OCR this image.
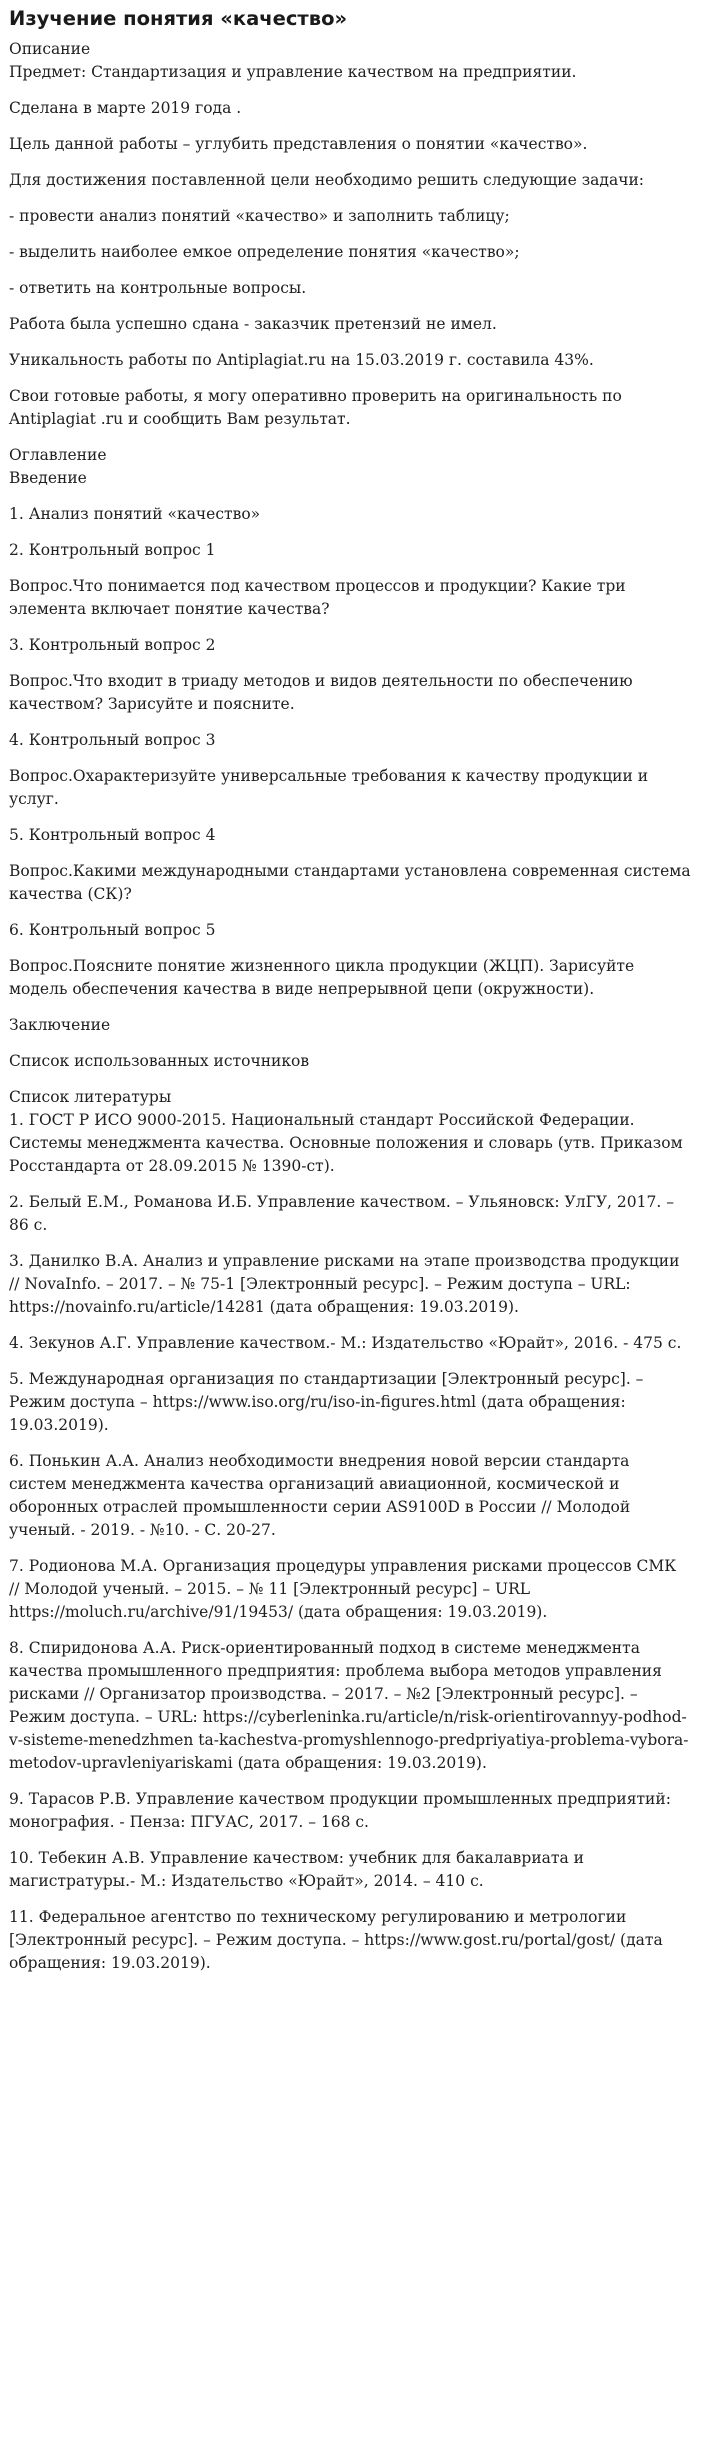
Изучение понятия «качество»
Описание

Предмет: Стандартизация и управление качеством на предприятии.

Сделана в марте 2019 года .

Цель данной работы – углубить представления о понятии «качество».

Для достижения поставленной цели необходимо решить следующие задачи:

- провести анализ понятий «качество» и заполнить таблицу;

- выделить наиболее емкое определение понятия «качество»;

- ответить на контрольные вопросы.

Работа была успешно сдана - заказчик претензий не имел.

Уникальность работы по Antiplagiat.ru на 15.03.2019 г. составила 43%.

Свои готовые работы, я могу оперативно проверить на оригинальность по Antiplagiat .ru и сообщить Вам результат.

Оглавление
Введение

1. Анализ понятий «качество»

2. Контрольный вопрос 1

Вопрос.Что понимается под качеством процессов и продукции? Какие три элемента включает понятие качества?

3. Контрольный вопрос 2

Вопрос.Что входит в триаду методов и видов деятельности по обеспечению качеством? Зарисуйте и поясните.

4. Контрольный вопрос 3

Вопрос.Охарактеризуйте универсальные требования к качеству продукции и услуг.

5. Контрольный вопрос 4

Вопрос.Какими международными стандартами установлена современная система качества (СК)?

6. Контрольный вопрос 5

Вопрос.Поясните понятие жизненного цикла продукции (ЖЦП). Зарисуйте модель обеспечения качества в виде непрерывной цепи (окружности).

Заключение

Список использованных источников

Список литературы

1. ГОСТ Р ИСО 9000-2015. Национальный стандарт Российской Федерации. Системы менеджмента качества. Основные положения и словарь (утв. Приказом Росстандарта от 28.09.2015 № 1390-ст).

2. Белый Е.М., Романова И.Б. Управление качеством. – Ульяновск: УлГУ, 2017. – 86 с.

3. Данилко В.А. Анализ и управление рисками на этапе производства продукции // NovaInfo. – 2017. – № 75-1 [Электронный ресурс]. – Режим доступа – URL: https://novainfo.ru/article/14281 (дата обращения: 19.03.2019).

4. Зекунов А.Г. Управление качеством.- М.: Издательство «Юрайт», 2016. - 475 с.

5. Международная организация по стандартизации [Электронный ресурс]. – Режим доступа – https://www.iso.org/ru/iso-in-figures.html (дата обращения: 19.03.2019).

6. Понькин А.А. Анализ необходимости внедрения новой версии стандарта систем менеджмента качества организаций авиационной, космической и оборонных отраслей промышленности серии AS9100D в России // Молодой ученый. - 2019. - №10. - С. 20-27.

7. Родионова М.А. Организация процедуры управления рисками процессов СМК // Молодой ученый. – 2015. – № 11 [Электронный ресурс] – URL https://moluch.ru/archive/91/19453/ (дата обращения: 19.03.2019).

8. Спиридонова А.А. Риск-ориентированный подход в системе менеджмента качества промышленного предприятия: проблема выбора методов управления рисками // Организатор производства. – 2017. – №2 [Электронный ресурс]. – Режим доступа. – URL: https://cyberleninka.ru/article/n/risk-orientirovannyy-podhod-v-sisteme-menedzhmen ta-kachestva-promyshlennogo-predpriyatiya-problema-vybora-metodov-upravleniyariskami (дата обращения: 19.03.2019).

9. Тарасов Р.В. Управление качеством продукции промышленных предприятий: монография. - Пенза: ПГУАС, 2017. – 168 с.

10. Тебекин А.В. Управление качеством: учебник для бакалавриата и магистратуры.- М.: Издательство «Юрайт», 2014. – 410 с.

11. Федеральное агентство по техническому регулированию и метрологии [Электронный ресурс]. – Режим доступа. – https://www.gost.ru/portal/gost/ (дата обращения: 19.03.2019).
